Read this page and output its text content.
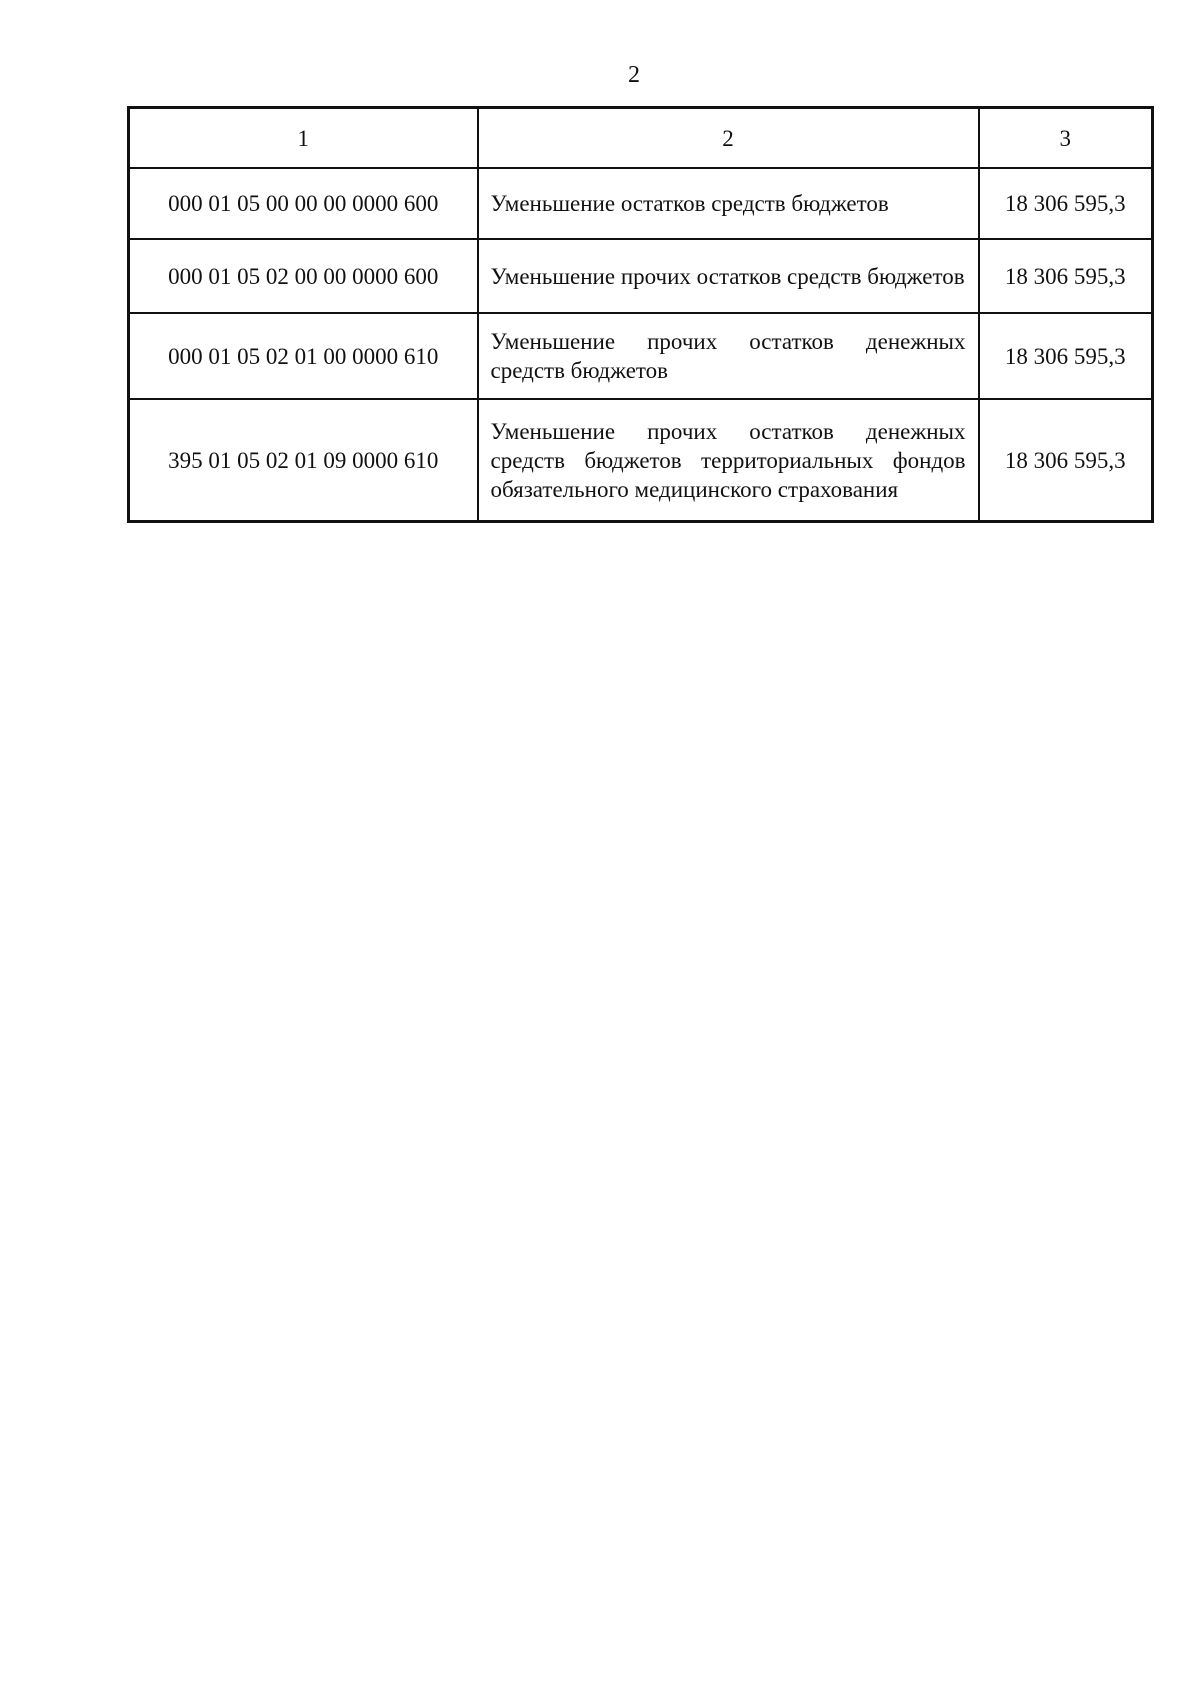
2
1	2	3
000 01 05 00 00 00 0000 600	Уменьшение остатков средств бюджетов	18 306 595,3
000 01 05 02 00 00 0000 600	Уменьшение прочих остатков средств бюджетов	18 306 595,3
000 01 05 02 01 00 0000 610	Уменьшение прочих остатков денежных средств бюджетов	18 306 595,3
395 01 05 02 01 09 0000 610	Уменьшение прочих остатков денежных средств бюджетов территориальных фондов обязательного медицинского страхования	18 306 595,3
